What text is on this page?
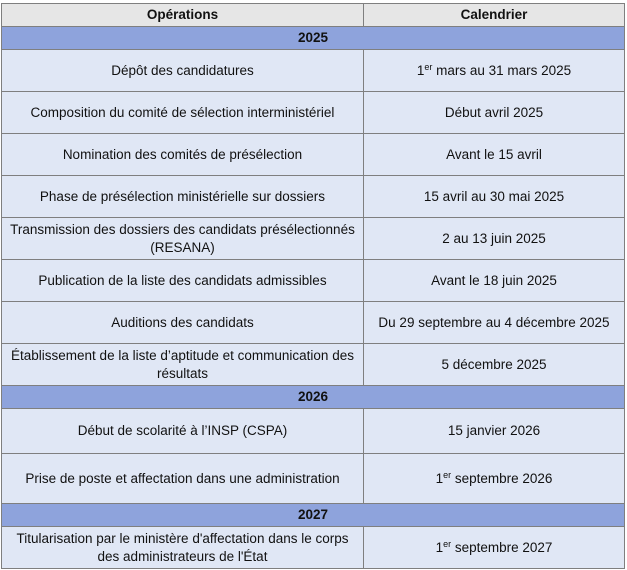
Opérations	Calendrier
2025	
Dépôt des candidatures	1er mars au 31 mars 2025
Composition du comité de sélection interministériel	Début avril 2025
Nomination des comités de présélection	Avant le 15 avril
Phase de présélection ministérielle sur dossiers	15 avril au 30 mai 2025
Transmission des dossiers des candidats présélectionnés (RESANA)	2 au 13 juin 2025
Publication de la liste des candidats admissibles	Avant le 18 juin 2025
Auditions des candidats	Du 29 septembre au 4 décembre 2025
Établissement de la liste d’aptitude et communication des résultats	5 décembre 2025
2026	
Début de scolarité à l’INSP (CSPA)	15 janvier 2026
Prise de poste et affectation dans une administration	1er septembre 2026
2027	
Titularisation par le ministère d'affectation dans le corps des administrateurs de l'État	1er septembre 2027
